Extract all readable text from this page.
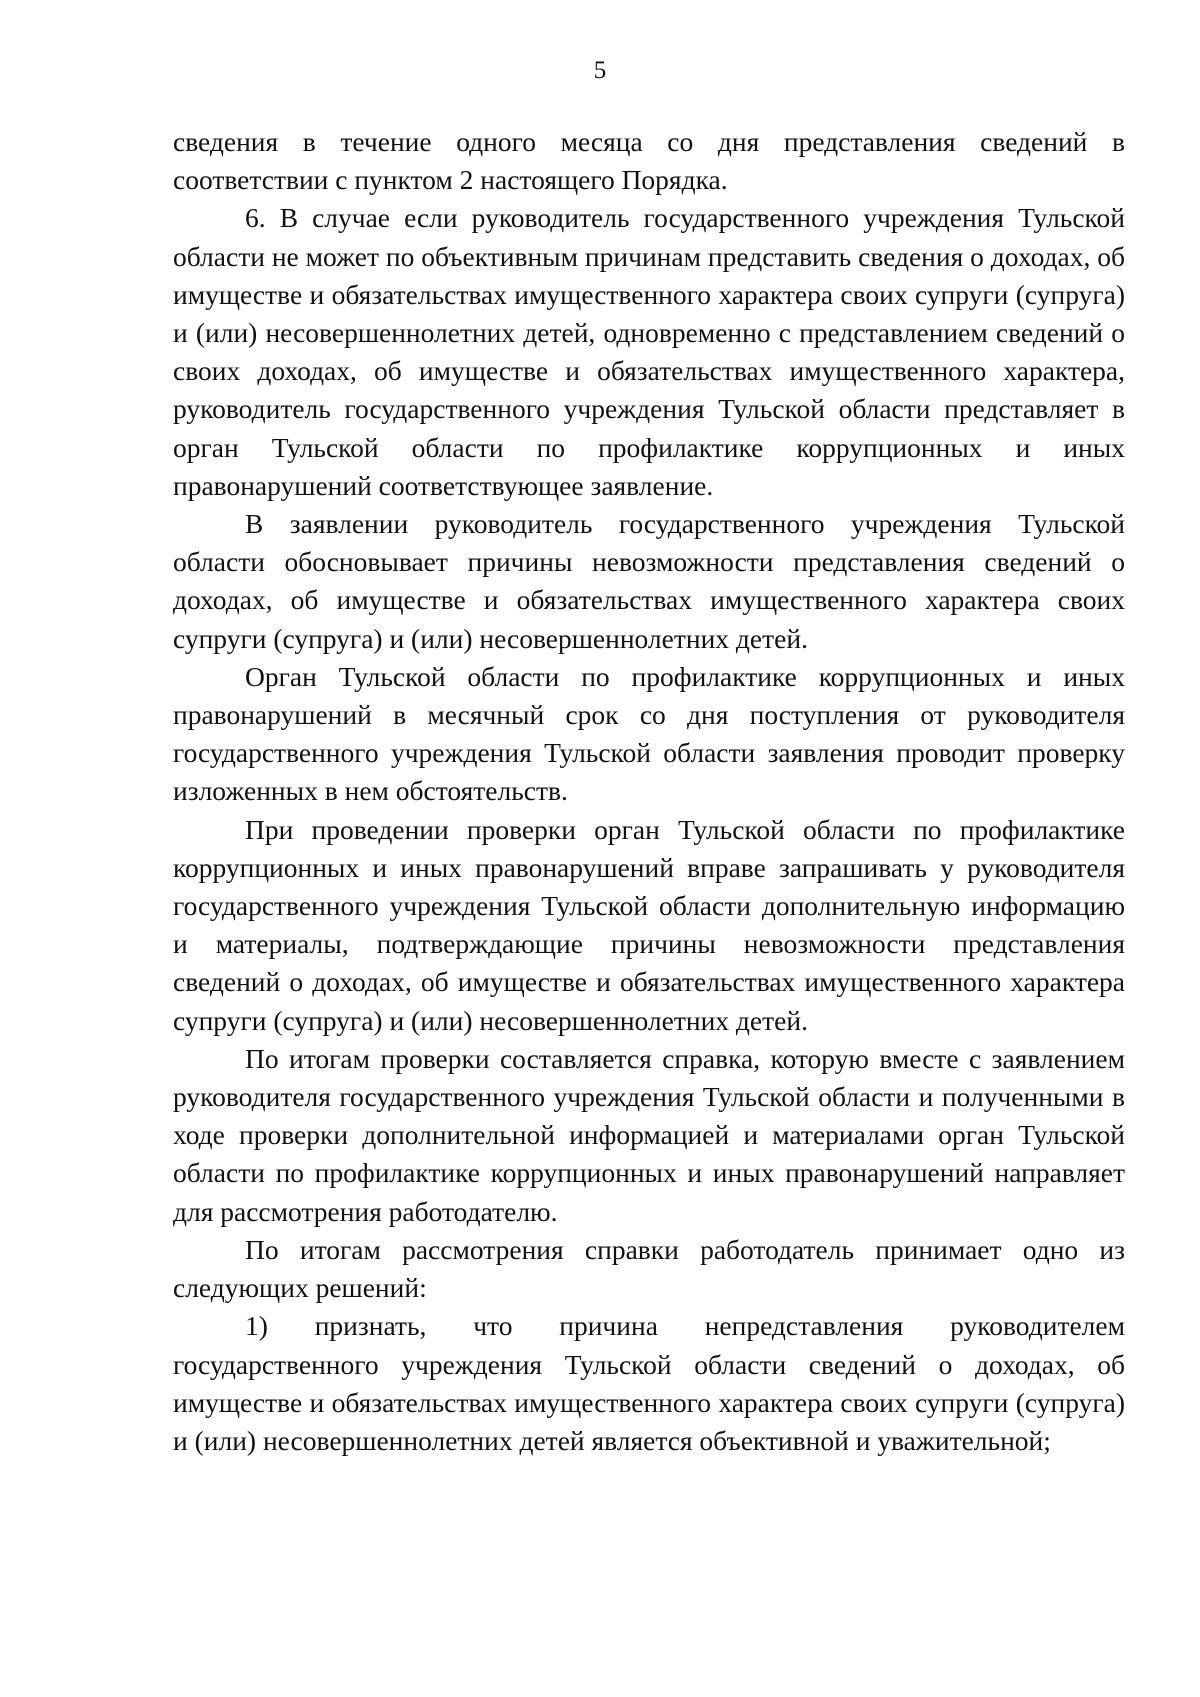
5

сведения в течение одного месяца со дня представления сведений в соответствии с пунктом 2 настоящего Порядка.

6. В случае если руководитель государственного учреждения Тульской области не может по объективным причинам представить сведения о доходах, об имуществе и обязательствах имущественного характера своих супруги (супруга) и (или) несовершеннолетних детей, одновременно с представлением сведений о своих доходах, об имуществе и обязательствах имущественного характера, руководитель государственного учреждения Тульской области представляет в орган Тульской области по профилактике коррупционных и иных правонарушений соответствующее заявление.

В заявлении руководитель государственного учреждения Тульской области обосновывает причины невозможности представления сведений о доходах, об имуществе и обязательствах имущественного характера своих супруги (супруга) и (или) несовершеннолетних детей.

Орган Тульской области по профилактике коррупционных и иных правонарушений в месячный срок со дня поступления от руководителя государственного учреждения Тульской области заявления проводит проверку изложенных в нем обстоятельств.

При проведении проверки орган Тульской области по профилактике коррупционных и иных правонарушений вправе запрашивать у руководителя государственного учреждения Тульской области дополнительную информацию и материалы, подтверждающие причины невозможности представления сведений о доходах, об имуществе и обязательствах имущественного характера супруги (супруга) и (или) несовершеннолетних детей.

По итогам проверки составляется справка, которую вместе с заявлением руководителя государственного учреждения Тульской области и полученными в ходе проверки дополнительной информацией и материалами орган Тульской области по профилактике коррупционных и иных правонарушений направляет для рассмотрения работодателю.

По итогам рассмотрения справки работодатель принимает одно из следующих решений:

1) признать, что причина непредставления руководителем государственного учреждения Тульской области сведений о доходах, об имуществе и обязательствах имущественного характера своих супруги (супруга) и (или) несовершеннолетних детей является объективной и уважительной;
